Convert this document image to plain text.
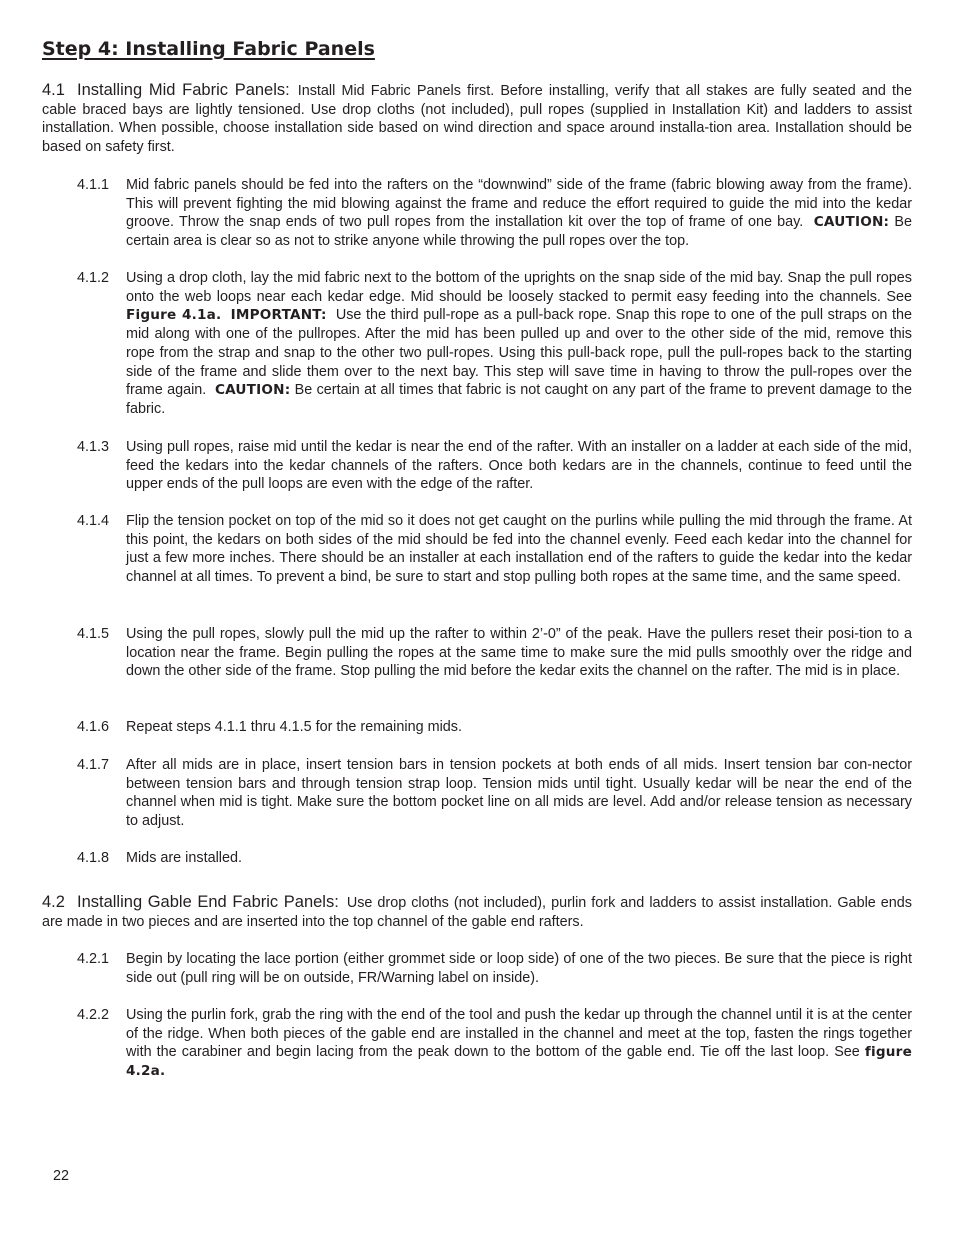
Step 4: Installing Fabric Panels

4.1 Installing Mid Fabric Panels: Install Mid Fabric Panels first. Before installing, verify that all stakes are fully seated and the cable braced bays are lightly tensioned. Use drop cloths (not included), pull ropes (supplied in Installation Kit) and ladders to assist installation. When possible, choose installation side based on wind direction and space around installa-tion area. Installation should be based on safety first.

4.1.1	Mid fabric panels should be fed into the rafters on the “downwind” side of the frame (fabric blowing away from the frame). This will prevent fighting the mid blowing against the frame and reduce the effort required to guide the mid into the kedar groove. Throw the snap ends of two pull ropes from the installation kit over the top of frame of one bay. CAUTION: Be certain area is clear so as not to strike anyone while throwing the pull ropes over the top.

4.1.2	Using a drop cloth, lay the mid fabric next to the bottom of the uprights on the snap side of the mid bay. Snap the pull ropes onto the web loops near each kedar edge. Mid should be loosely stacked to permit easy feeding into the channels. See Figure 4.1a. IMPORTANT: Use the third pull-rope as a pull-back rope. Snap this rope to one of the pull straps on the mid along with one of the pullropes. After the mid has been pulled up and over to the other side of the mid, remove this rope from the strap and snap to the other two pull-ropes. Using this pull-back rope, pull the pull-ropes back to the starting side of the frame and slide them over to the next bay. This step will save time in having to throw the pull-ropes over the frame again. CAUTION: Be certain at all times that fabric is not caught on any part of the frame to prevent damage to the fabric.

4.1.3	Using pull ropes, raise mid until the kedar is near the end of the rafter. With an installer on a ladder at each side of the mid, feed the kedars into the kedar channels of the rafters. Once both kedars are in the channels, continue to feed until the upper ends of the pull loops are even with the edge of the rafter.

4.1.4	Flip the tension pocket on top of the mid so it does not get caught on the purlins while pulling the mid through the frame. At this point, the kedars on both sides of the mid should be fed into the channel evenly. Feed each kedar into the channel for just a few more inches. There should be an installer at each installation end of the rafters to guide the kedar into the kedar channel at all times. To prevent a bind, be sure to start and stop pulling both ropes at the same time, and the same speed.

4.1.5	Using the pull ropes, slowly pull the mid up the rafter to within 2’-0” of the peak. Have the pullers reset their posi-tion to a location near the frame. Begin pulling the ropes at the same time to make sure the mid pulls smoothly over the ridge and down the other side of the frame. Stop pulling the mid before the kedar exits the channel on the rafter. The mid is in place.

4.1.6	Repeat steps 4.1.1 thru 4.1.5 for the remaining mids.

4.1.7	After all mids are in place, insert tension bars in tension pockets at both ends of all mids. Insert tension bar con-nector between tension bars and through tension strap loop. Tension mids until tight. Usually kedar will be near the end of the channel when mid is tight. Make sure the bottom pocket line on all mids are level. Add and/or release tension as necessary to adjust.

4.1.8	Mids are installed.

4.2 Installing Gable End Fabric Panels: Use drop cloths (not included), purlin fork and ladders to assist installation. Gable ends are made in two pieces and are inserted into the top channel of the gable end rafters.

4.2.1	Begin by locating the lace portion (either grommet side or loop side) of one of the two pieces. Be sure that the piece is right side out (pull ring will be on outside, FR/Warning label on inside).

4.2.2	Using the purlin fork, grab the ring with the end of the tool and push the kedar up through the channel until it is at the center of the ridge. When both pieces of the gable end are installed in the channel and meet at the top, fasten the rings together with the carabiner and begin lacing from the peak down to the bottom of the gable end. Tie off the last loop. See figure 4.2a.

22
